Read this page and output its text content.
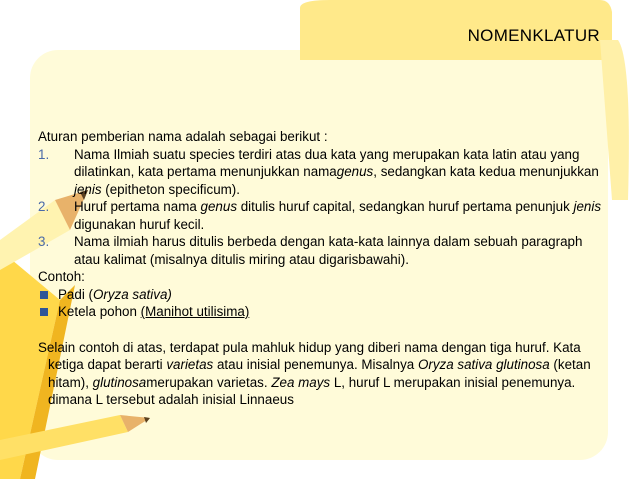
NOMENKLATUR

Aturan pemberian nama adalah sebagai berikut :

1. Nama Ilmiah suatu species terdiri atas dua kata yang merupakan kata latin atau yang dilatinkan, kata pertama menunjukkan namagenus, sedangkan kata kedua menunjukkan jenis (epitheton specificum).
2. Huruf pertama nama genus ditulis huruf capital, sedangkan huruf pertama penunjuk jenis digunakan huruf kecil.
3. Nama ilmiah harus ditulis berbeda dengan kata-kata lainnya dalam sebuah paragraph atau kalimat (misalnya ditulis miring atau digarisbawahi).

Contoh:

Padi (Oryza sativa)
Ketela pohon (Manihot utilisima)

Selain contoh di atas, terdapat pula mahluk hidup yang diberi nama dengan tiga huruf. Kata ketiga dapat berarti varietas atau inisial penemunya. Misalnya Oryza sativa glutinosa (ketan hitam), glutinosamerupakan varietas. Zea mays L, huruf L merupakan inisial penemunya. dimana L tersebut adalah inisial Linnaeus
